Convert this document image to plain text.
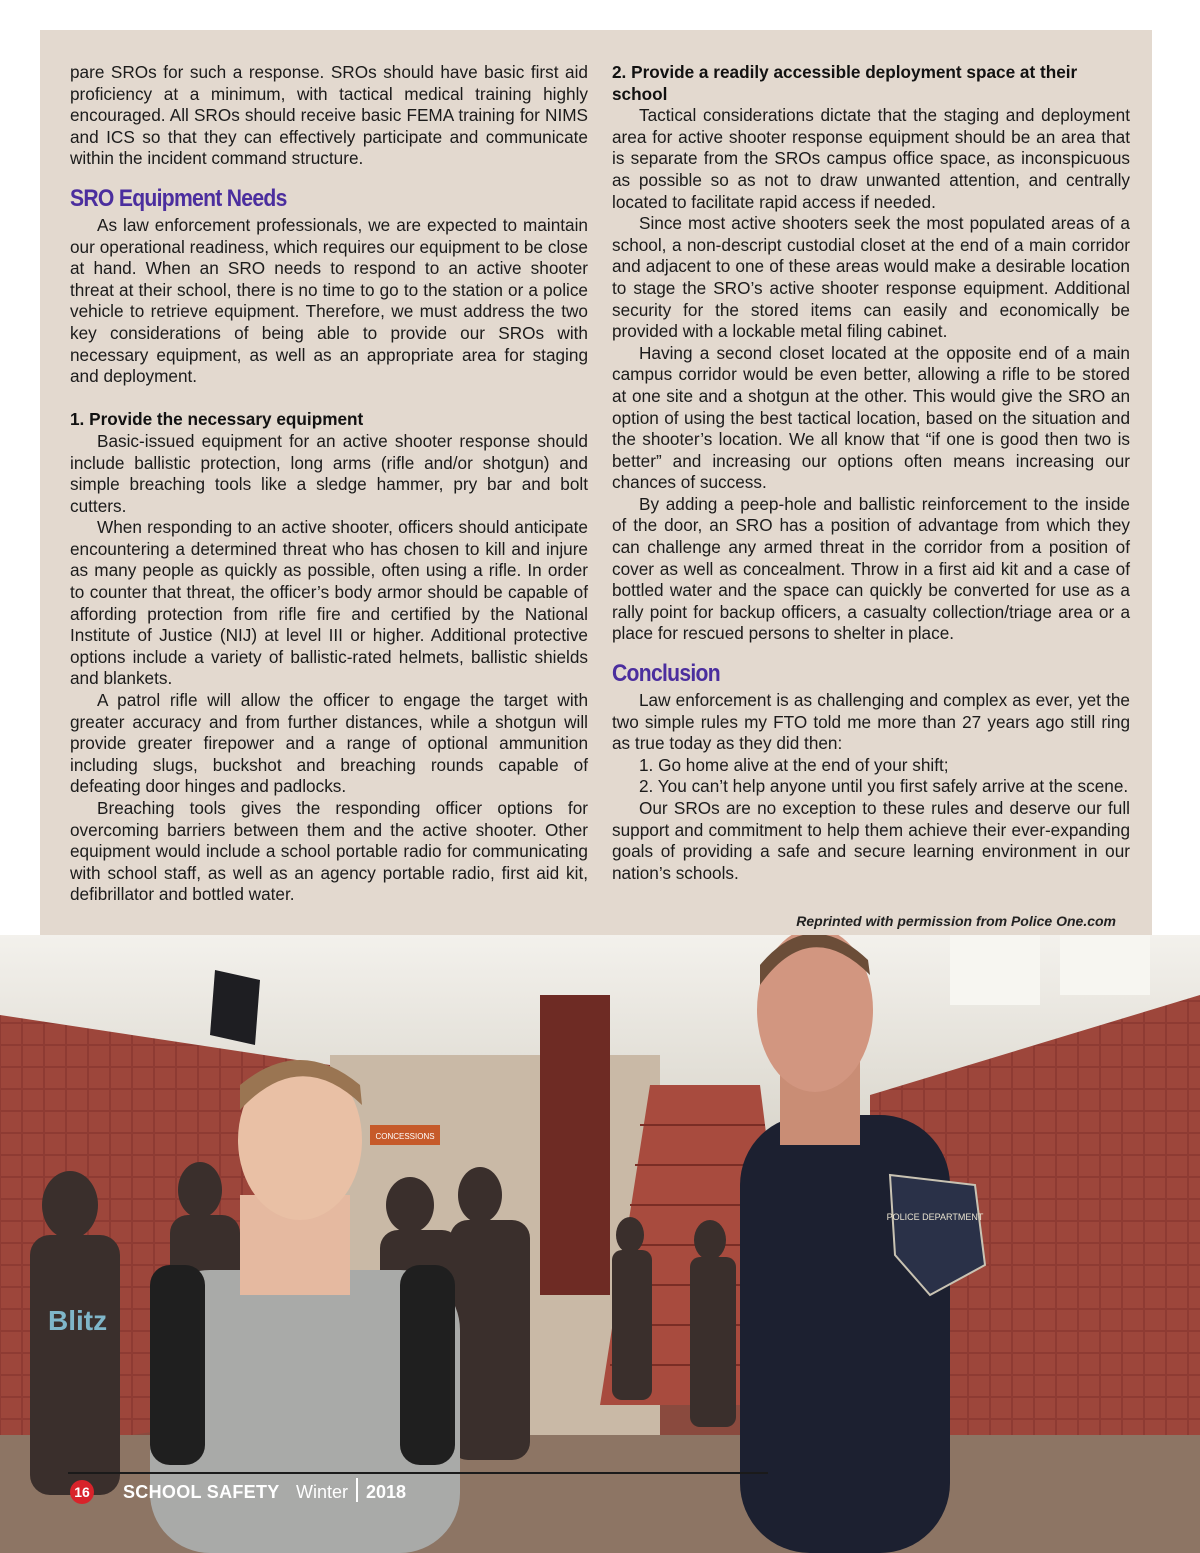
pare SROs for such a response. SROs should have basic first aid proficiency at a minimum, with tactical medical training highly encouraged. All SROs should receive basic FEMA training for NIMS and ICS so that they can effectively participate and communicate within the incident command structure.

SRO Equipment Needs

As law enforcement professionals, we are expected to maintain our operational readiness, which requires our equipment to be close at hand. When an SRO needs to respond to an active shooter threat at their school, there is no time to go to the station or a police vehicle to retrieve equipment. Therefore, we must address the two key considerations of being able to provide our SROs with necessary equipment, as well as an appropriate area for staging and deployment.

1. Provide the necessary equipment

Basic-issued equipment for an active shooter response should include ballistic protection, long arms (rifle and/or shotgun) and simple breaching tools like a sledge hammer, pry bar and bolt cutters.

When responding to an active shooter, officers should anticipate encountering a determined threat who has chosen to kill and injure as many people as quickly as possible, often using a rifle. In order to counter that threat, the officer’s body armor should be capable of affording protection from rifle fire and certified by the National Institute of Justice (NIJ) at level III or higher. Additional protective options include a variety of ballistic-rated helmets, ballistic shields and blankets.

A patrol rifle will allow the officer to engage the target with greater accuracy and from further distances, while a shotgun will provide greater firepower and a range of optional ammunition including slugs, buckshot and breaching rounds capable of defeating door hinges and padlocks.

Breaching tools gives the responding officer options for overcoming barriers between them and the active shooter. Other equipment would include a school portable radio for communicating with school staff, as well as an agency portable radio, first aid kit, defibrillator and bottled water.

2. Provide a readily accessible deployment space at their school

Tactical considerations dictate that the staging and deployment area for active shooter response equipment should be an area that is separate from the SROs campus office space, as inconspicuous as possible so as not to draw unwanted attention, and centrally located to facilitate rapid access if needed.

Since most active shooters seek the most populated areas of a school, a non-descript custodial closet at the end of a main corridor and adjacent to one of these areas would make a desirable location to stage the SRO’s active shooter response equipment. Additional security for the stored items can easily and economically be provided with a lockable metal filing cabinet.

Having a second closet located at the opposite end of a main campus corridor would be even better, allowing a rifle to be stored at one site and a shotgun at the other. This would give the SRO an option of using the best tactical location, based on the situation and the shooter’s location. We all know that “if one is good then two is better” and increasing our options often means increasing our chances of success.

By adding a peep-hole and ballistic reinforcement to the inside of the door, an SRO has a position of advantage from which they can challenge any armed threat in the corridor from a position of cover as well as concealment. Throw in a first aid kit and a case of bottled water and the space can quickly be converted for use as a rally point for backup officers, a casualty collection/triage area or a place for rescued persons to shelter in place.

Conclusion

Law enforcement is as challenging and complex as ever, yet the two simple rules my FTO told me more than 27 years ago still ring as true today as they did then:

1. Go home alive at the end of your shift;

2. You can’t help anyone until you first safely arrive at the scene.

Our SROs are no exception to these rules and deserve our full support and commitment to help them achieve their ever-expanding goals of providing a safe and secure learning environment in our nation’s schools.

Reprinted with permission from Police One.com
CONCESSIONS
Blitz
POLICE DEPARTMENT
16 SCHOOL SAFETY Winter 2018
